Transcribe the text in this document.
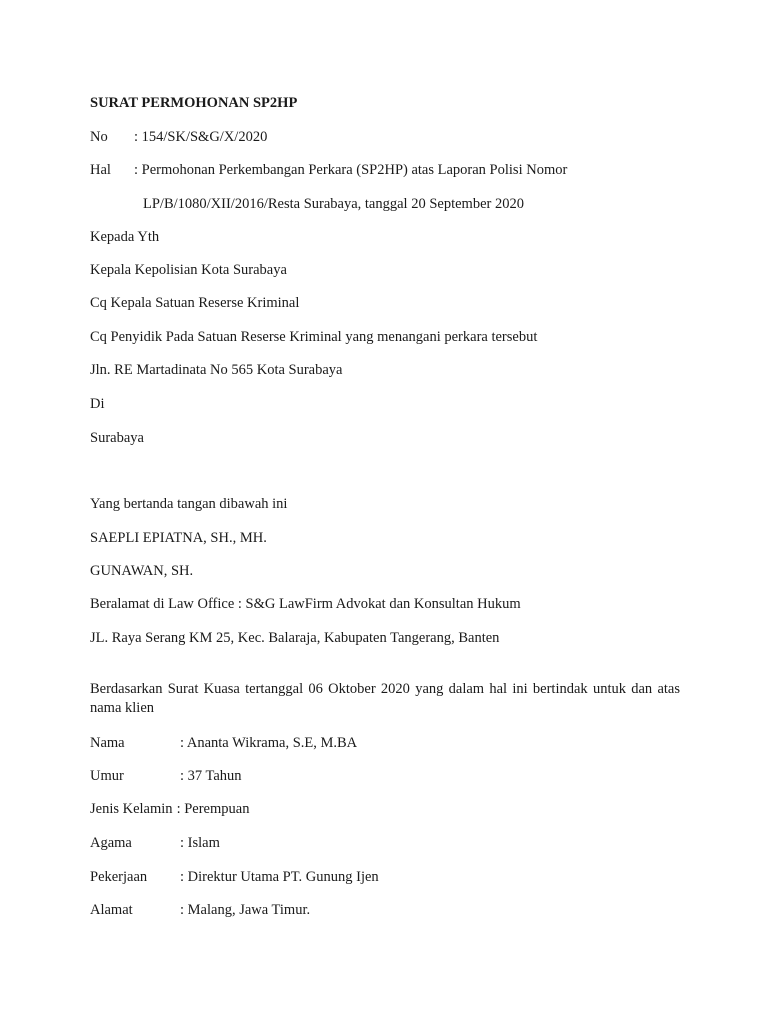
SURAT PERMOHONAN SP2HP
No : 154/SK/S&G/X/2020
Hal : Permohonan Perkembangan Perkara (SP2HP) atas Laporan Polisi Nomor
LP/B/1080/XII/2016/Resta Surabaya, tanggal 20 September 2020
Kepada Yth
Kepala Kepolisian Kota Surabaya
Cq Kepala Satuan Reserse Kriminal
Cq Penyidik Pada Satuan Reserse Kriminal yang menangani perkara tersebut
Jln. RE Martadinata No 565 Kota Surabaya
Di
Surabaya
Yang bertanda tangan dibawah ini
SAEPLI EPIATNA, SH., MH.
GUNAWAN, SH.
Beralamat di Law Office : S&G LawFirm Advokat dan Konsultan Hukum
JL. Raya Serang KM 25, Kec. Balaraja, Kabupaten Tangerang, Banten
Berdasarkan Surat Kuasa tertanggal 06 Oktober 2020 yang dalam hal ini bertindak untuk dan atas nama klien
Nama	: Ananta Wikrama, S.E, M.BA
Umur	: 37 Tahun
Jenis Kelamin : Perempuan
Agama	: Islam
Pekerjaan : Direktur Utama PT. Gunung Ijen
Alamat	: Malang, Jawa Timur.
